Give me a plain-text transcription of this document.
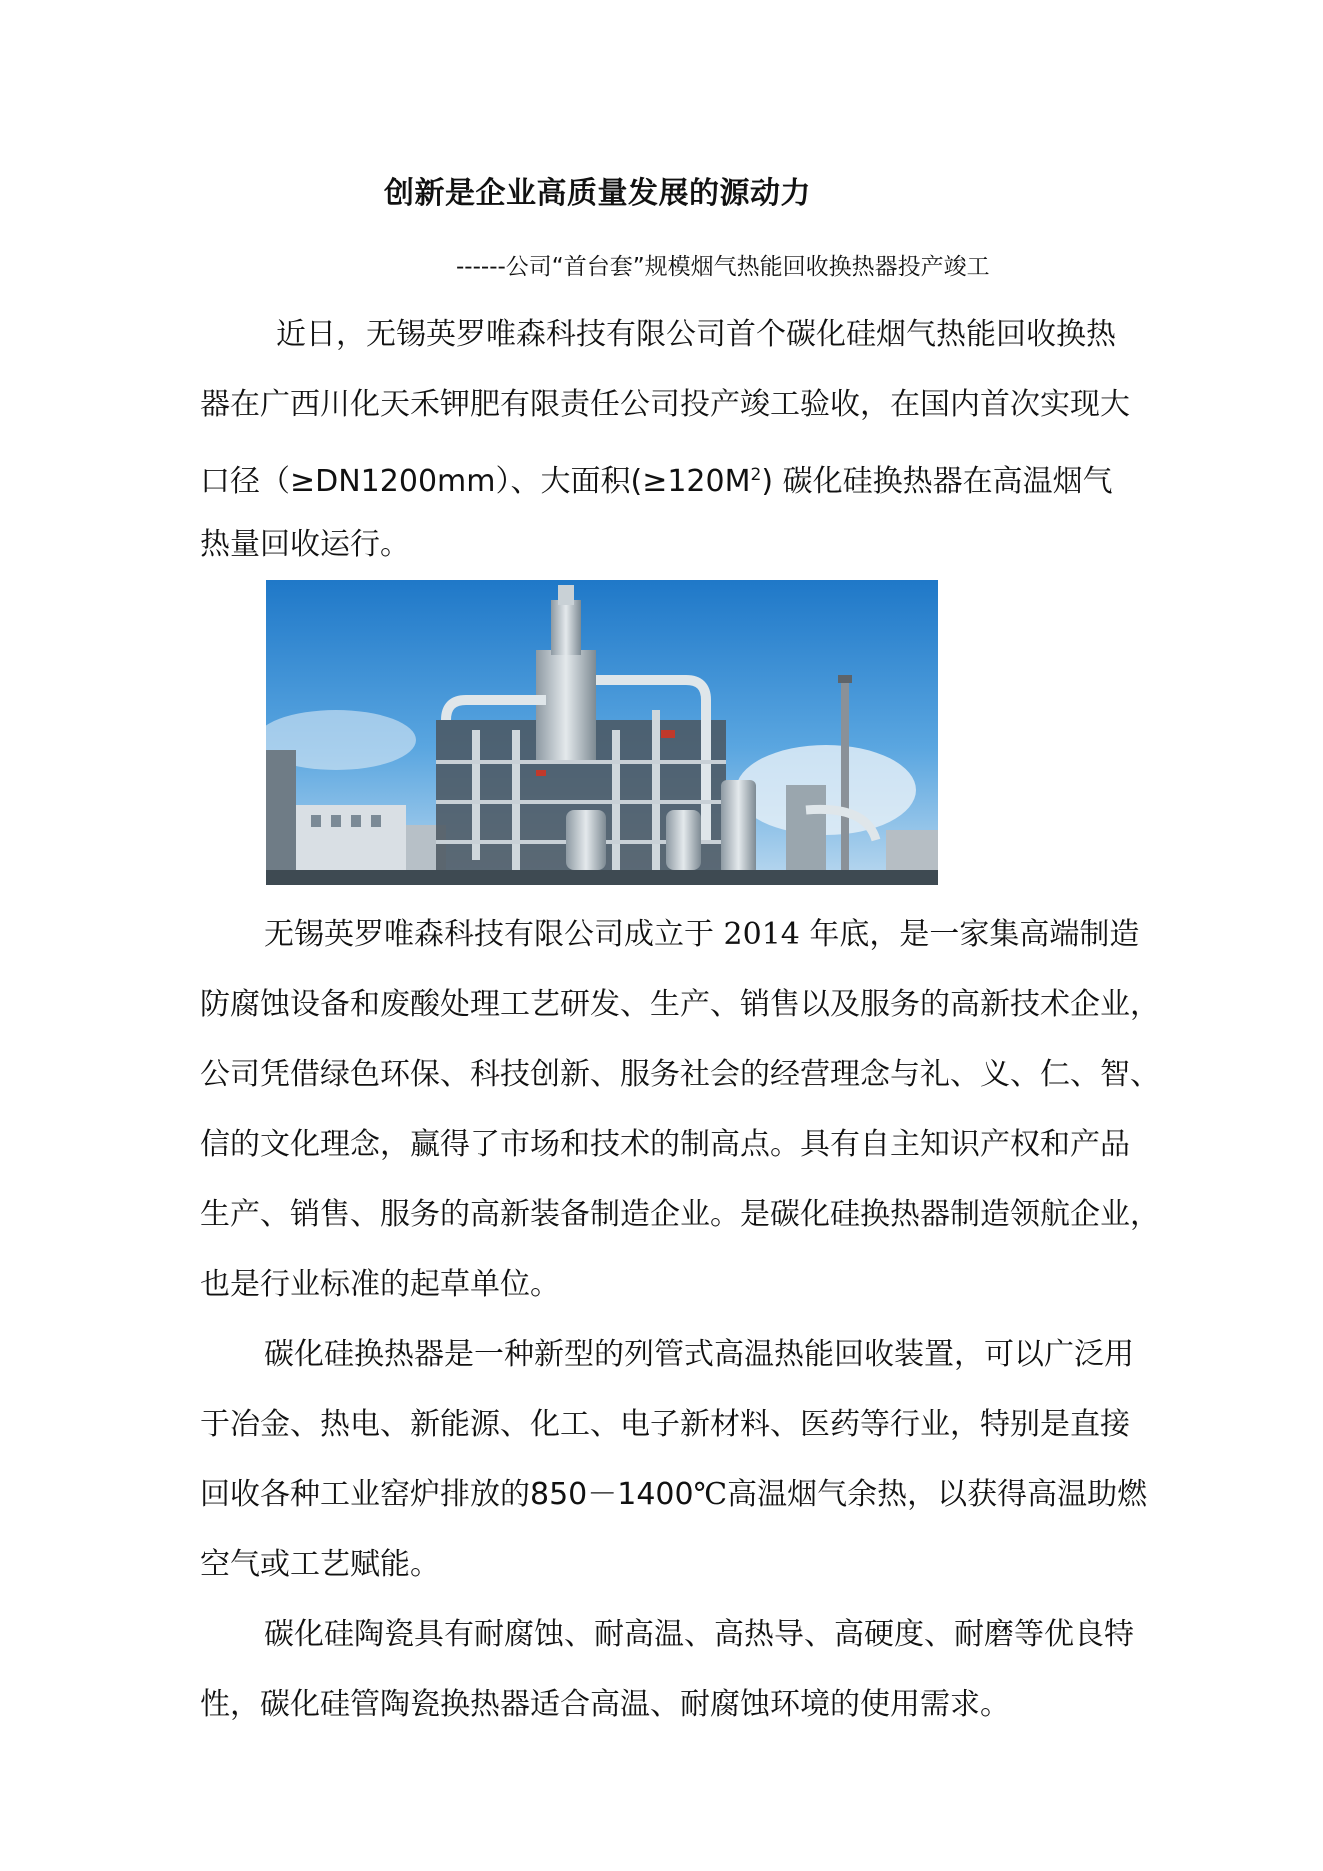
创新是企业高质量发展的源动力
------公司“首台套”规模烟气热能回收换热器投产竣工
近日，无锡英罗唯森科技有限公司首个碳化硅烟气热能回收换热
器在广西川化天禾钾肥有限责任公司投产竣工验收，在国内首次实现大
口径（≥DN1200mm）、大面积$(\ge 120M^2)$ 碳化硅换热器在高温烟气
热量回收运行。
无锡英罗唯森科技有限公司成立于 2014 年底，是一家集高端制造
防腐蚀设备和废酸处理工艺研发、生产、销售以及服务的高新技术企业，
公司凭借绿色环保、科技创新、服务社会的经营理念与礼、义、仁、智、
信的文化理念，赢得了市场和技术的制高点。具有自主知识产权和产品
生产、销售、服务的高新装备制造企业。是碳化硅换热器制造领航企业，
也是行业标准的起草单位。
碳化硅换热器是一种新型的列管式高温热能回收装置，可以广泛用
于冶金、热电、新能源、化工、电子新材料、医药等行业，特别是直接
回收各种工业窑炉排放的850－1400℃高温烟气余热，以获得高温助燃
空气或工艺赋能。
碳化硅陶瓷具有耐腐蚀、耐高温、高热导、高硬度、耐磨等优良特
性，碳化硅管陶瓷换热器适合高温、耐腐蚀环境的使用需求。
